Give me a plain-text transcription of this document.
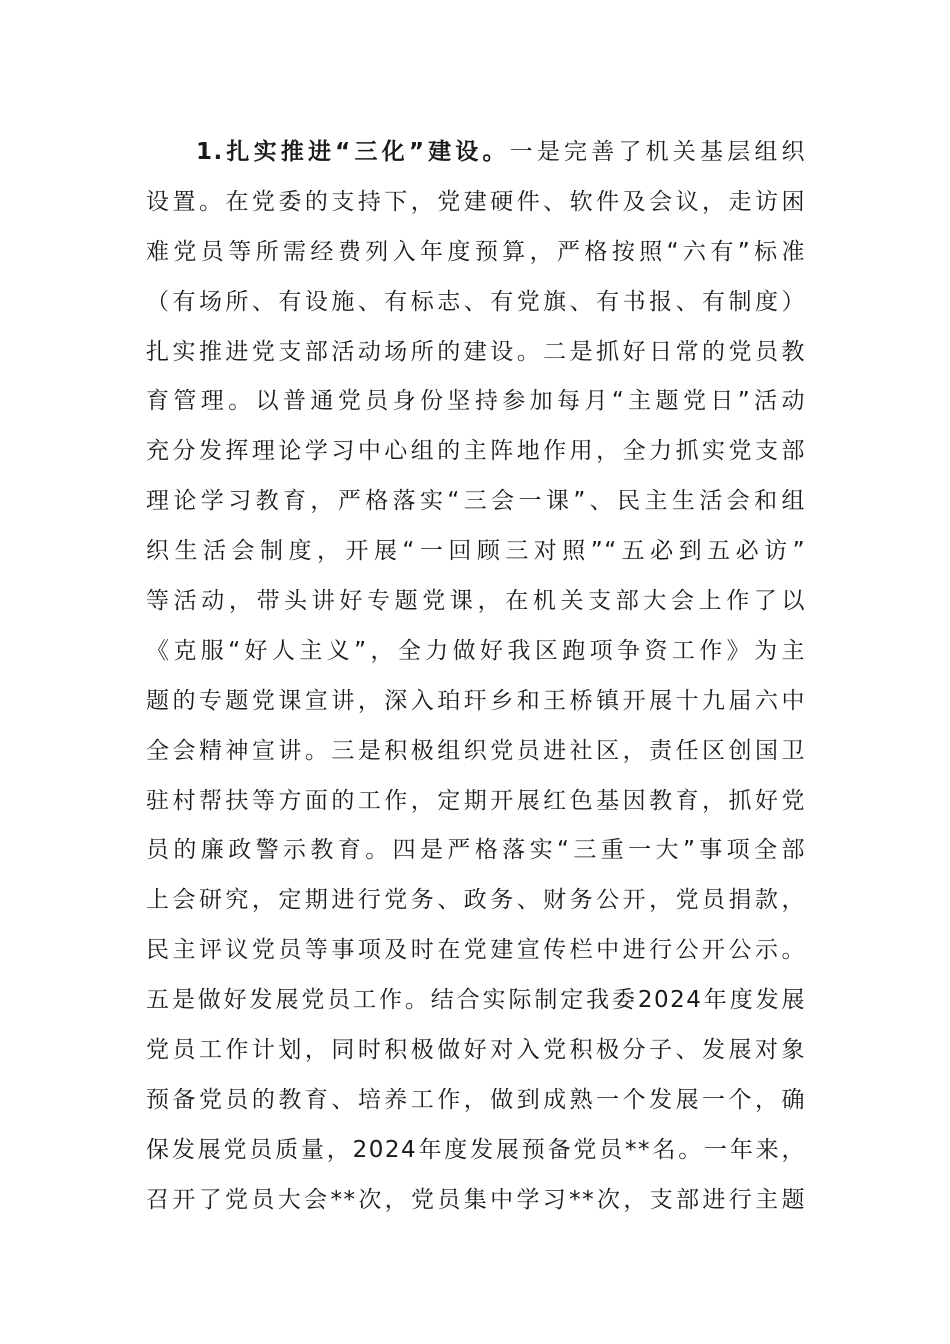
1.扎实推进“三化”建设。一是完善了机关基层组织
设置。在党委的支持下，党建硬件、软件及会议，走访困
难党员等所需经费列入年度预算，严格按照“六有”标准
（有场所、有设施、有标志、有党旗、有书报、有制度）
扎实推进党支部活动场所的建设。二是抓好日常的党员教
育管理。以普通党员身份坚持参加每月“主题党日”活动
充分发挥理论学习中心组的主阵地作用，全力抓实党支部
理论学习教育，严格落实“三会一课”、民主生活会和组
织生活会制度，开展“一回顾三对照”“五必到五必访”
等活动，带头讲好专题党课，在机关支部大会上作了以
《克服“好人主义”，全力做好我区跑项争资工作》为主
题的专题党课宣讲，深入珀玕乡和王桥镇开展十九届六中
全会精神宣讲。三是积极组织党员进社区，责任区创国卫
驻村帮扶等方面的工作，定期开展红色基因教育，抓好党
员的廉政警示教育。四是严格落实“三重一大”事项全部
上会研究，定期进行党务、政务、财务公开，党员捐款，
民主评议党员等事项及时在党建宣传栏中进行公开公示。
五是做好发展党员工作。结合实际制定我委2024年度发展
党员工作计划，同时积极做好对入党积极分子、发展对象
预备党员的教育、培养工作，做到成熟一个发展一个，确
保发展党员质量，2024年度发展预备党员**名。一年来，
召开了党员大会**次，党员集中学习**次，支部进行主题
